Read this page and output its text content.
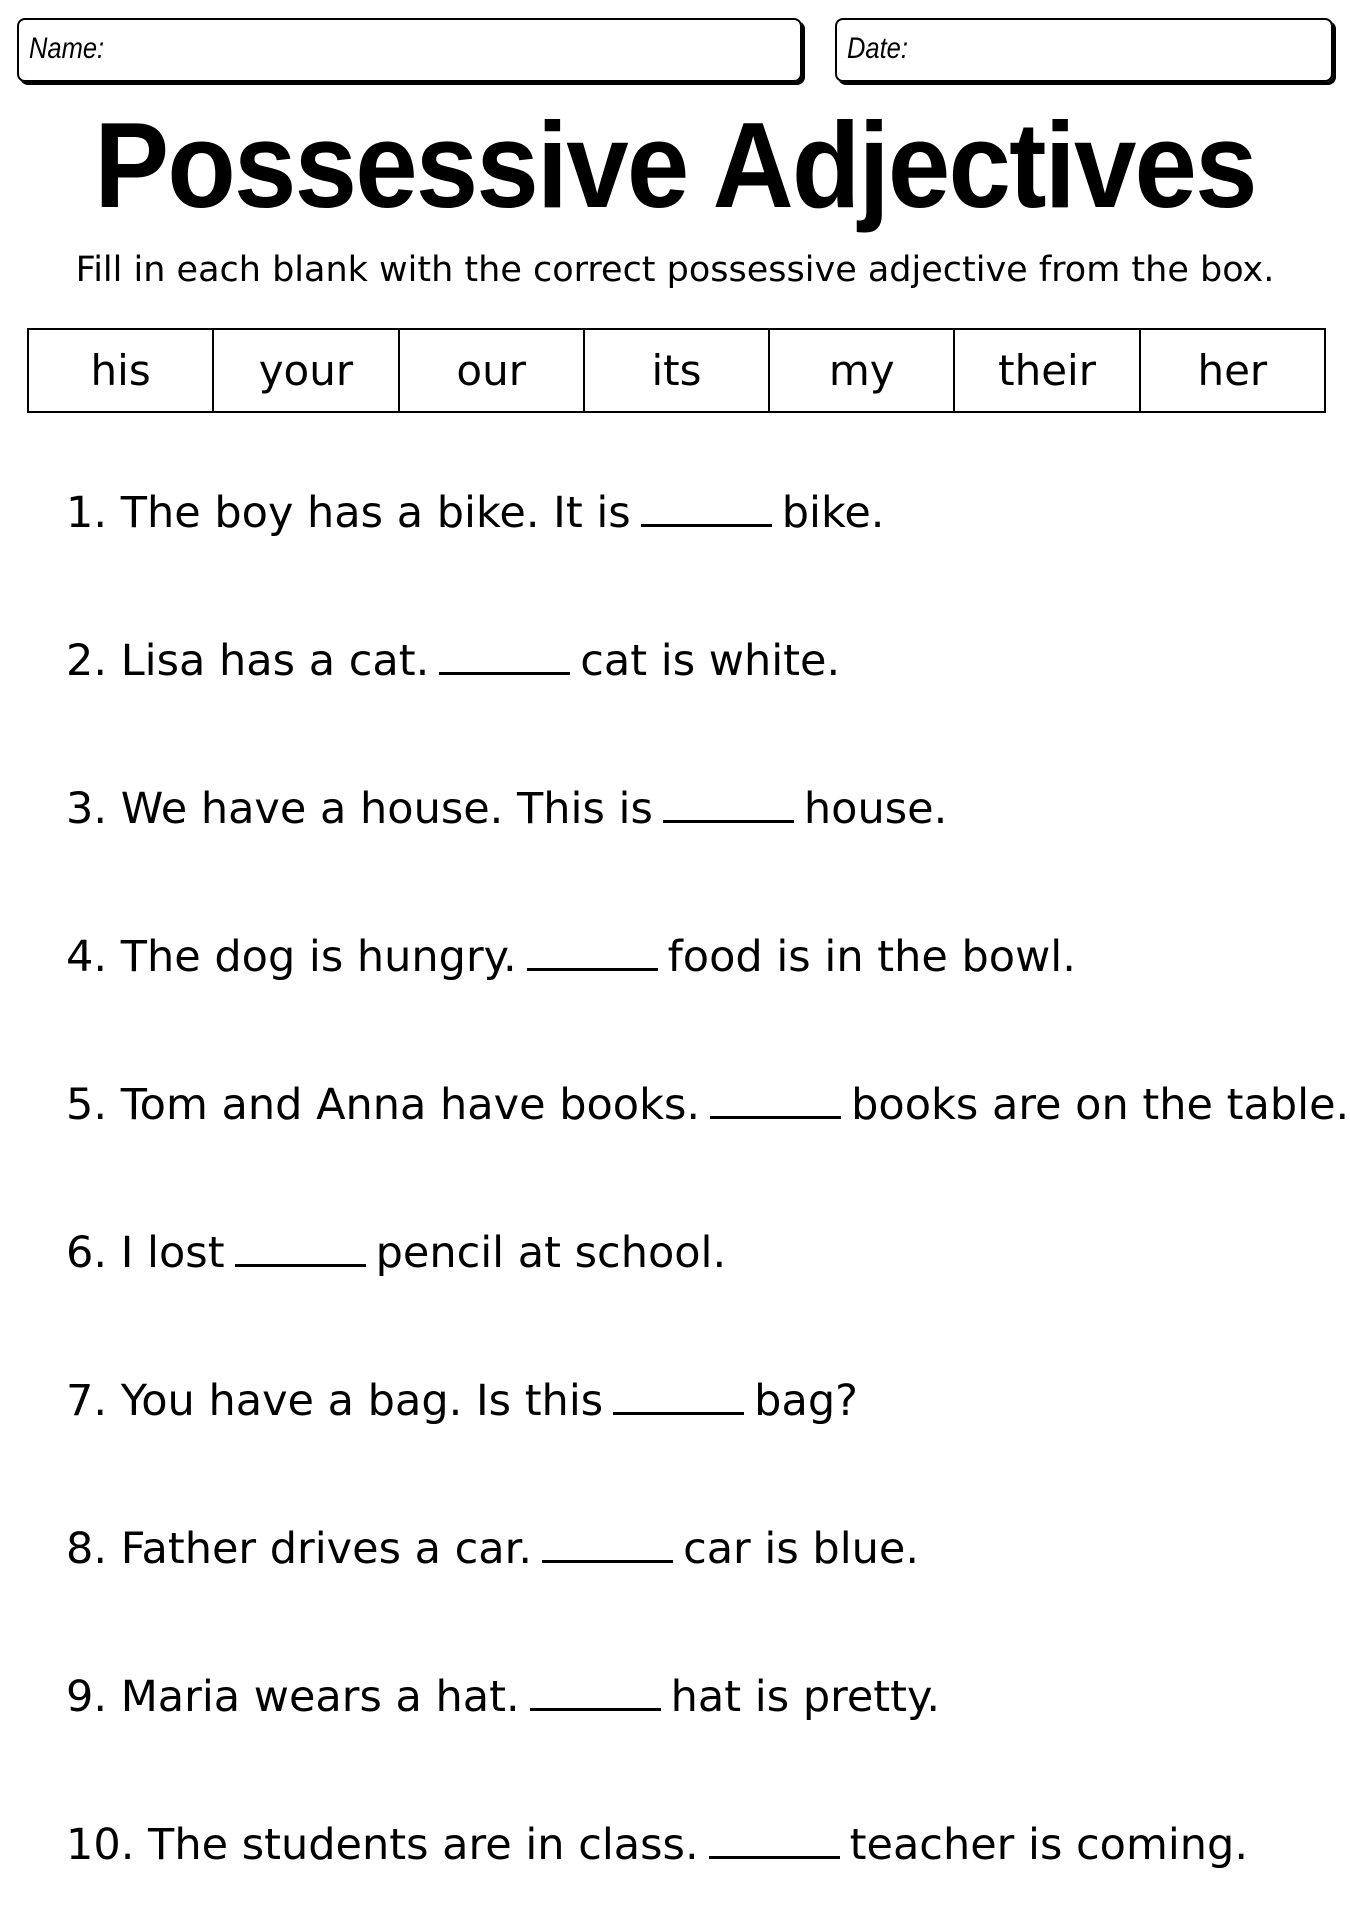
Name:	Date:
Possessive Adjectives
Fill in each blank with the correct possessive adjective from the box.
his	your	our	its	my	their	her
1. The boy has a bike. It is	bike.
2. Lisa has a cat.	cat is white.
3. We have a house. This is	house.
4. The dog is hungry.	food is in the bowl.
5. Tom and Anna have books.	books are on the table.
6. I lost	pencil at school.
7. You have a bag. Is this	bag?
8. Father drives a car.	car is blue.
9. Maria wears a hat.	hat is pretty.
10. The students are in class.	teacher is coming.
